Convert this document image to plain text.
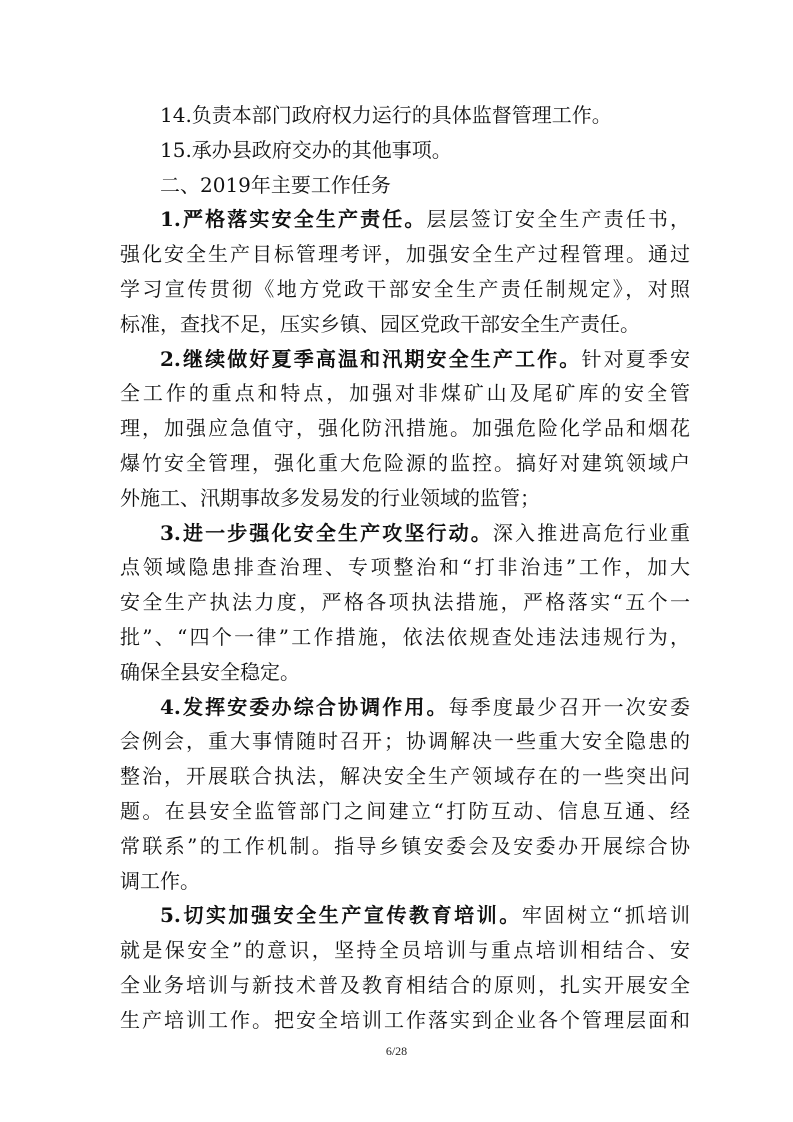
14.负责本部门政府权力运行的具体监督管理工作。
15.承办县政府交办的其他事项。
二、2019年主要工作任务
1.严格落实安全生产责任。层层签订安全生产责任书，
强化安全生产目标管理考评，加强安全生产过程管理。通过
学习宣传贯彻《地方党政干部安全生产责任制规定》，对照
标准，查找不足，压实乡镇、园区党政干部安全生产责任。
2.继续做好夏季高温和汛期安全生产工作。针对夏季安
全工作的重点和特点，加强对非煤矿山及尾矿库的安全管
理，加强应急值守，强化防汛措施。加强危险化学品和烟花
爆竹安全管理，强化重大危险源的监控。搞好对建筑领域户
外施工、汛期事故多发易发的行业领域的监管；
3.进一步强化安全生产攻坚行动。深入推进高危行业重
点领域隐患排查治理、专项整治和“打非治违”工作，加大
安全生产执法力度，严格各项执法措施，严格落实“五个一
批”、“四个一律”工作措施，依法依规查处违法违规行为，
确保全县安全稳定。
4.发挥安委办综合协调作用。每季度最少召开一次安委
会例会，重大事情随时召开；协调解决一些重大安全隐患的
整治，开展联合执法，解决安全生产领域存在的一些突出问
题。在县安全监管部门之间建立“打防互动、信息互通、经
常联系”的工作机制。指导乡镇安委会及安委办开展综合协
调工作。
5.切实加强安全生产宣传教育培训。牢固树立“抓培训
就是保安全”的意识，坚持全员培训与重点培训相结合、安
全业务培训与新技术普及教育相结合的原则，扎实开展安全
生产培训工作。把安全培训工作落实到企业各个管理层面和
6/28
